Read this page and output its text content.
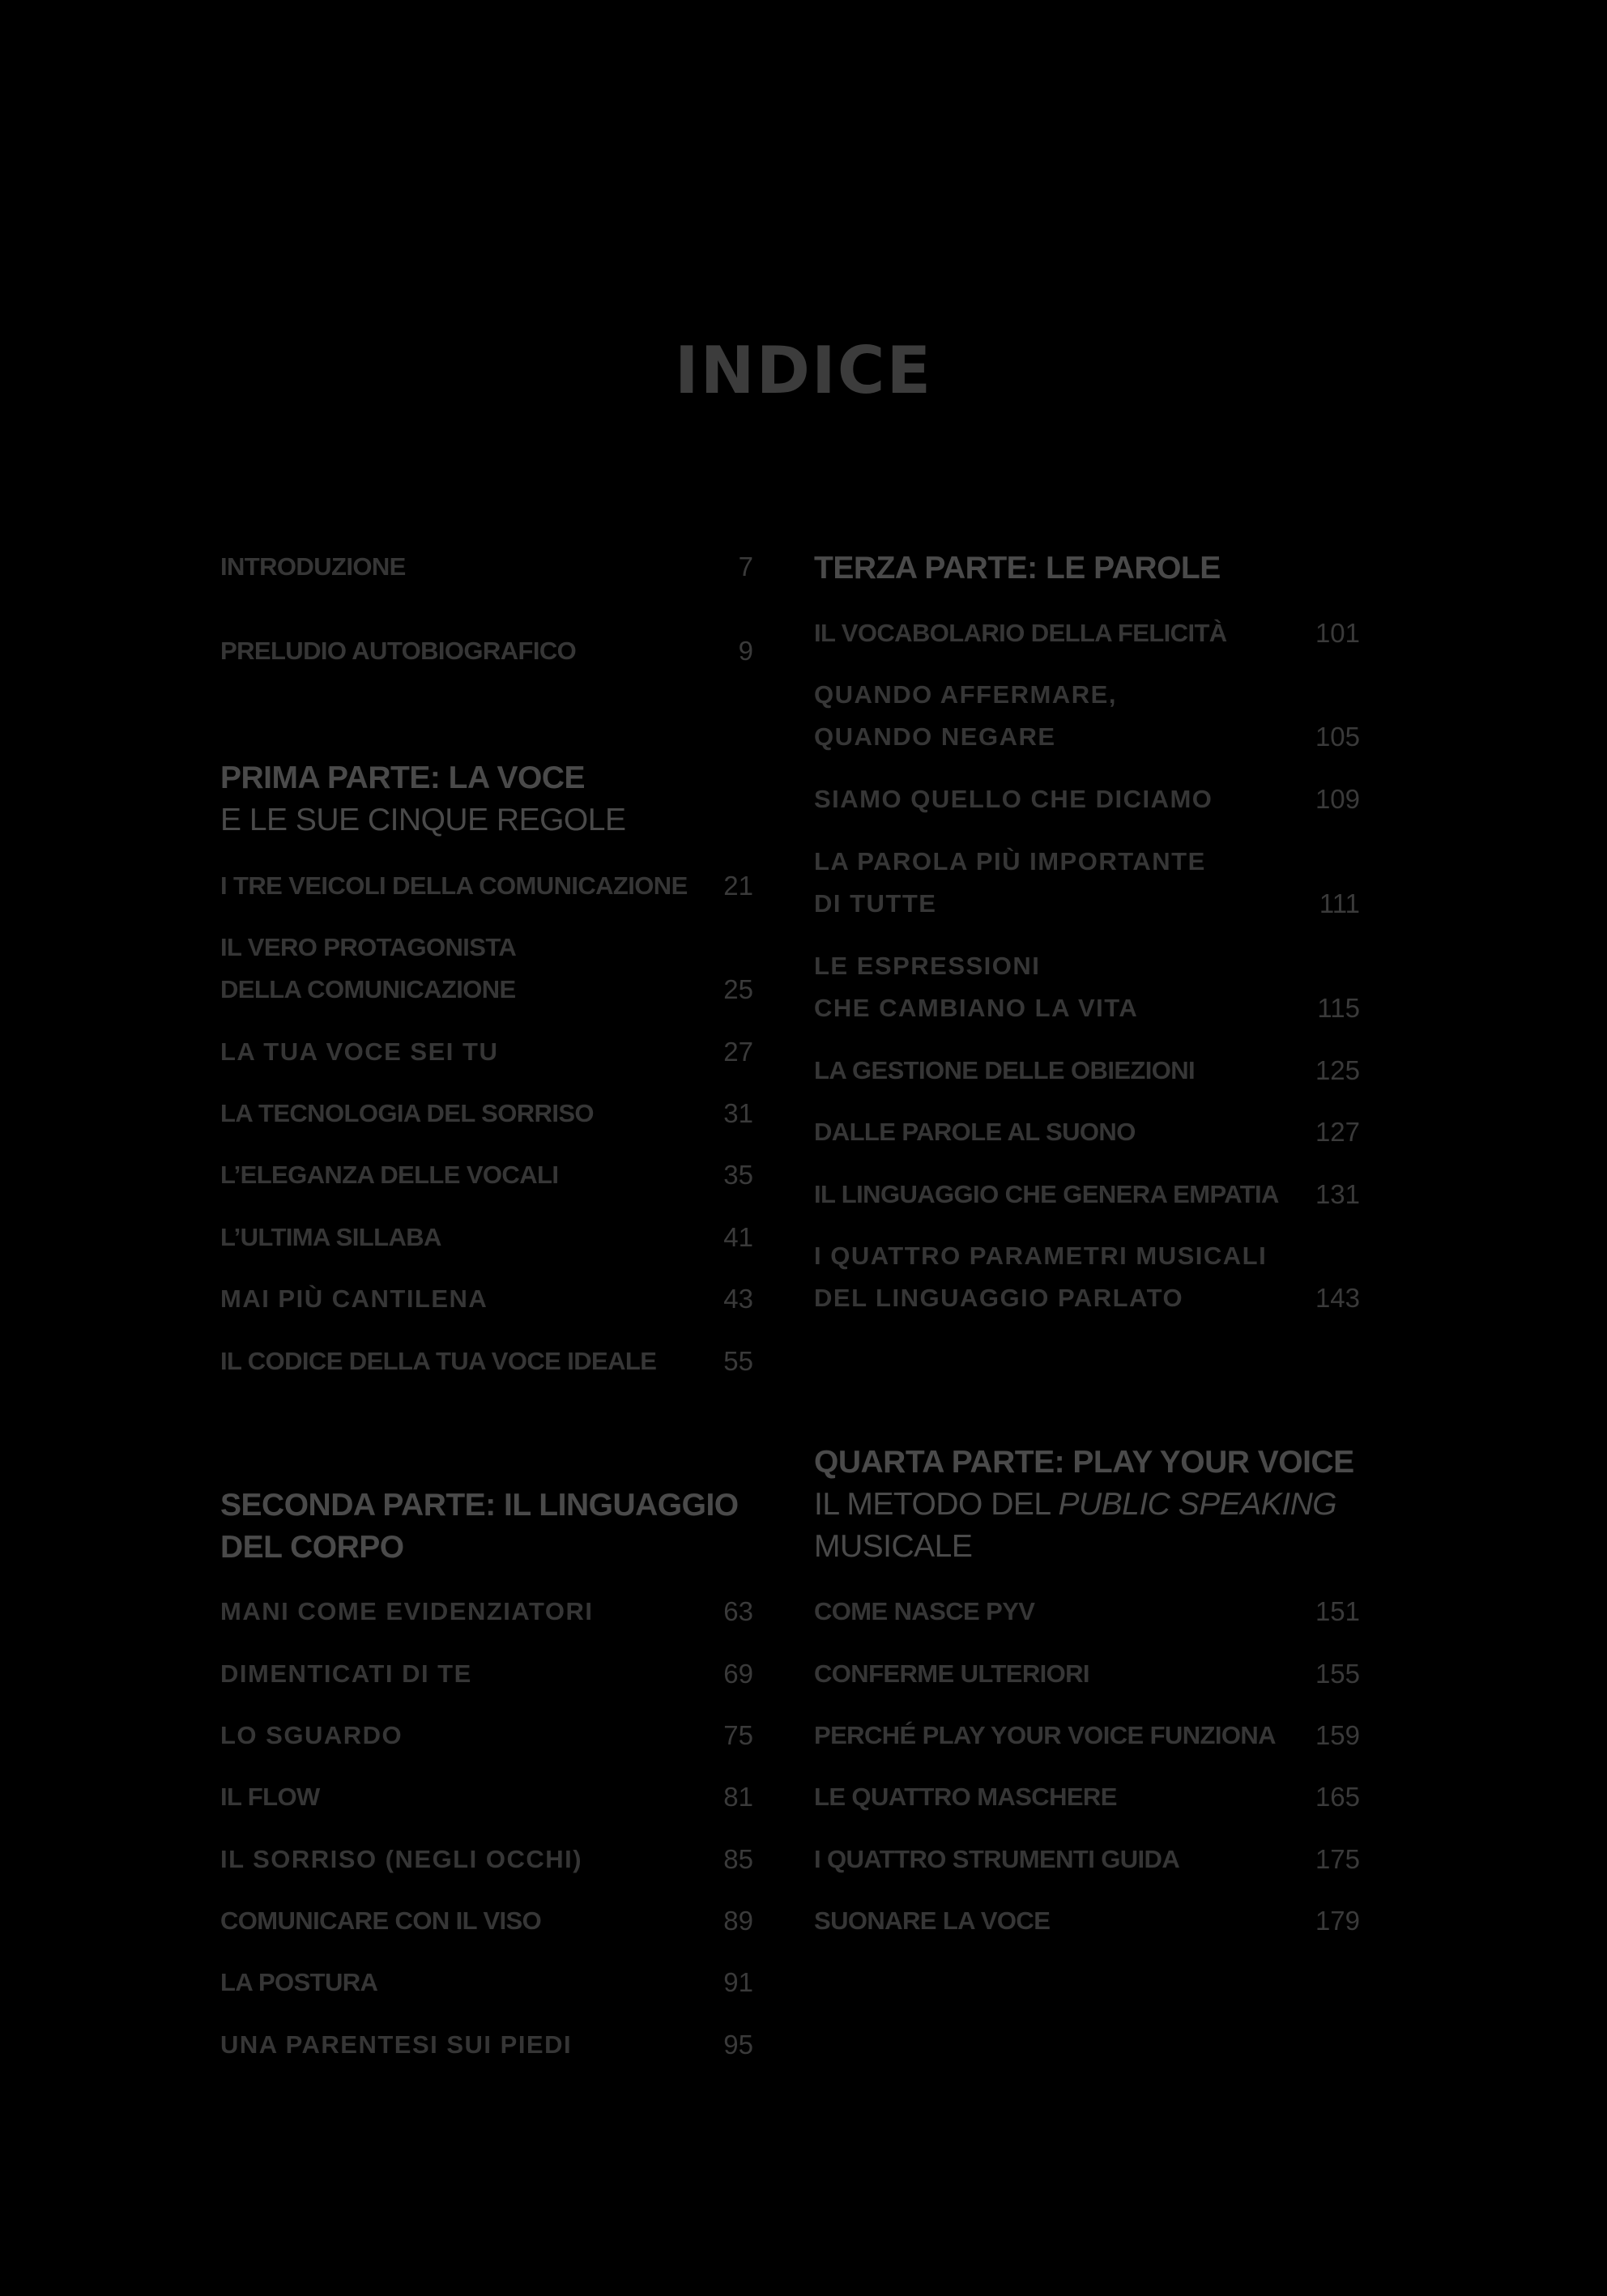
INDICE
INTRODUZIONE	7
PRELUDIO AUTOBIOGRAFICO	9
PRIMA PARTE: LA VOCE
E LE SUE CINQUE REGOLE
I TRE VEICOLI DELLA COMUNICAZIONE	21
IL VERO PROTAGONISTA
DELLA COMUNICAZIONE	25
LA TUA VOCE SEI TU	27
LA TECNOLOGIA DEL SORRISO	31
L’ELEGANZA DELLE VOCALI	35
L’ULTIMA SILLABA	41
MAI PIÙ CANTILENA	43
IL CODICE DELLA TUA VOCE IDEALE	55
SECONDA PARTE: IL LINGUAGGIO
DEL CORPO
MANI COME EVIDENZIATORI	63
DIMENTICATI DI TE	69
LO SGUARDO	75
IL FLOW	81
IL SORRISO (NEGLI OCCHI)	85
COMUNICARE CON IL VISO	89
LA POSTURA	91
UNA PARENTESI SUI PIEDI	95
TERZA PARTE: LE PAROLE
IL VOCABOLARIO DELLA FELICITÀ	101
QUANDO AFFERMARE,
QUANDO NEGARE	105
SIAMO QUELLO CHE DICIAMO	109
LA PAROLA PIÙ IMPORTANTE
DI TUTTE	111
LE ESPRESSIONI
CHE CAMBIANO LA VITA	115
LA GESTIONE DELLE OBIEZIONI	125
DALLE PAROLE AL SUONO	127
IL LINGUAGGIO CHE GENERA EMPATIA	131
I QUATTRO PARAMETRI MUSICALI
DEL LINGUAGGIO PARLATO	143
QUARTA PARTE: PLAY YOUR VOICE
IL METODO DEL PUBLIC SPEAKING
MUSICALE
COME NASCE PYV	151
CONFERME ULTERIORI	155
PERCHÉ PLAY YOUR VOICE FUNZIONA	159
LE QUATTRO MASCHERE	165
I QUATTRO STRUMENTI GUIDA	175
SUONARE LA VOCE	179
